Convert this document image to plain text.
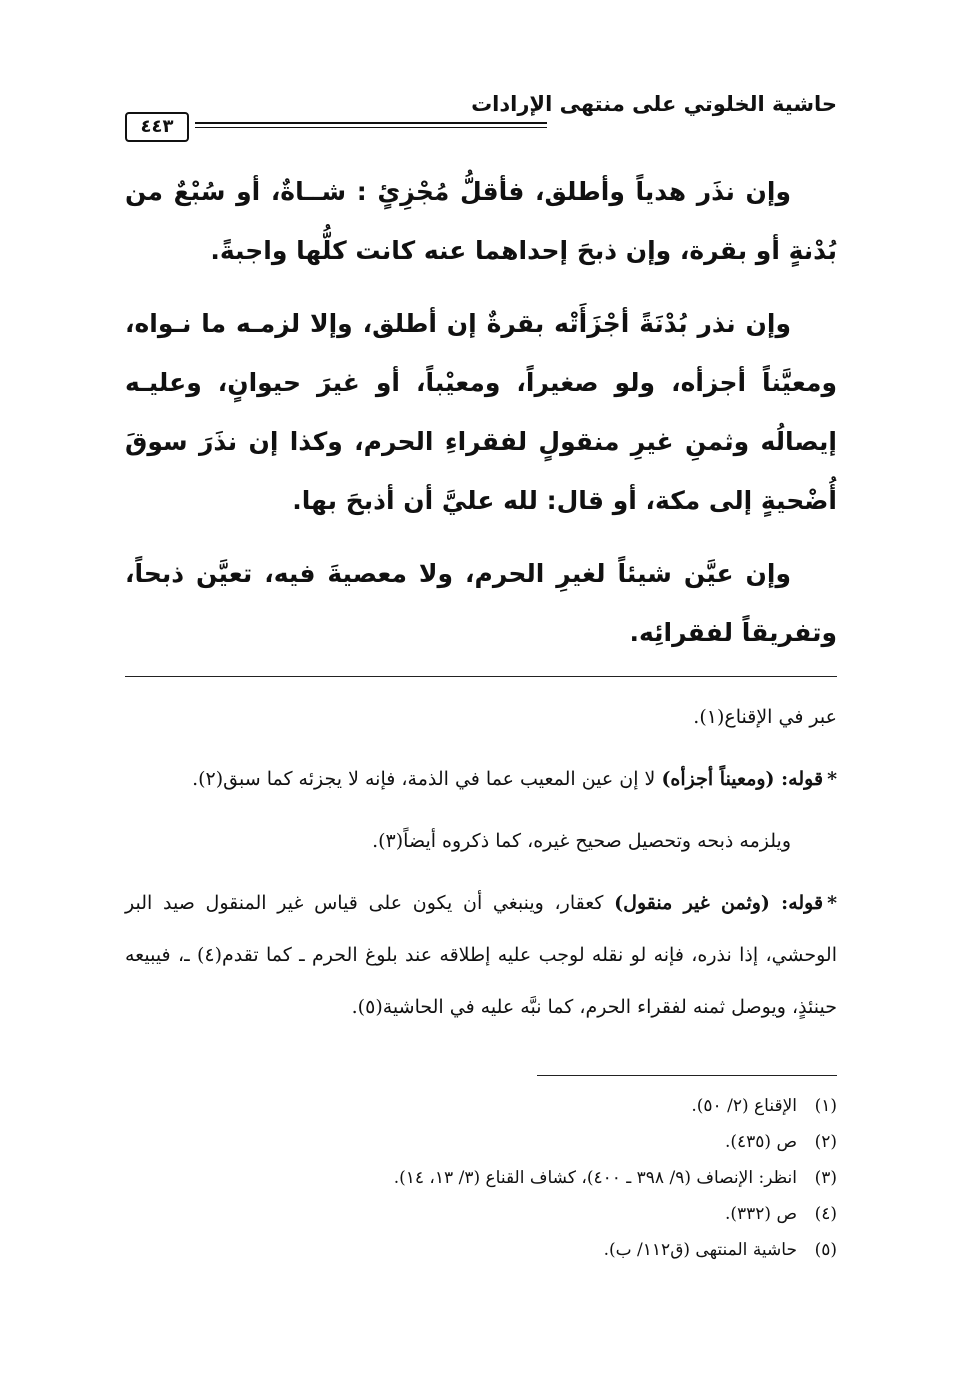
حاشية الخلوتي على منتهى الإرادات
٤٤٣

وإن نذَر هدياً وأطلق، فأقلُّ مُجْزِئٍ : شــاةٌ، أو سُبْعٌ من بُدْنةٍ أو بقرة، وإن ذبحَ إحداهما عنه كانت كلُّها واجبةً.

وإن نذر بُدْنَةً أجْزَأَتْه بقرةٌ إن أطلق، وإلا لزمـه ما نـواه، ومعيَّناً أجزأه، ولو صغيراً، ومعيْباً، أو غيرَ حيوانٍ، وعليـه إيصالُه وثمنِ غيرِ منقولٍ لفقراءِ الحرم، وكذا إن نذَرَ سوقَ أُضْحيةٍ إلى مكة، أو قال: لله عليَّ أن أذبحَ بها.

وإن عيَّن شيئاً لغيرِ الحرم، ولا معصيةَ فيه، تعيَّن ذبحاً، وتفريقاً لفقرائِه.

عبر في الإقناع(١).

*قوله: (ومعيناً أجزأه) لا إن عين المعيب عما في الذمة، فإنه لا يجزئه كما سبق(٢).

ويلزمه ذبحه وتحصيل صحيح غيره، كما ذكروه أيضاً(٣).

*قوله: (وثمن غير منقول) كعقار، وينبغي أن يكون على قياس غير المنقول صيد البر الوحشي، إذا نذره، فإنه لو نقله لوجب عليه إطلاقه عند بلوغ الحرم ـ كما تقدم(٤) ـ، فيبيعه حينئذٍ، ويوصل ثمنه لفقراء الحرم، كما نبَّه عليه في الحاشية(٥).

(١)
الإقناع (٢/ ٥٠).
(٢)
ص (٤٣٥).
(٣)
انظر: الإنصاف (٩/ ٣٩٨ ـ ٤٠٠)، كشاف القناع (٣/ ١٣، ١٤).
(٤)
ص (٣٣٢).
(٥)
حاشية المنتهى (ق١١٢/ ب).
